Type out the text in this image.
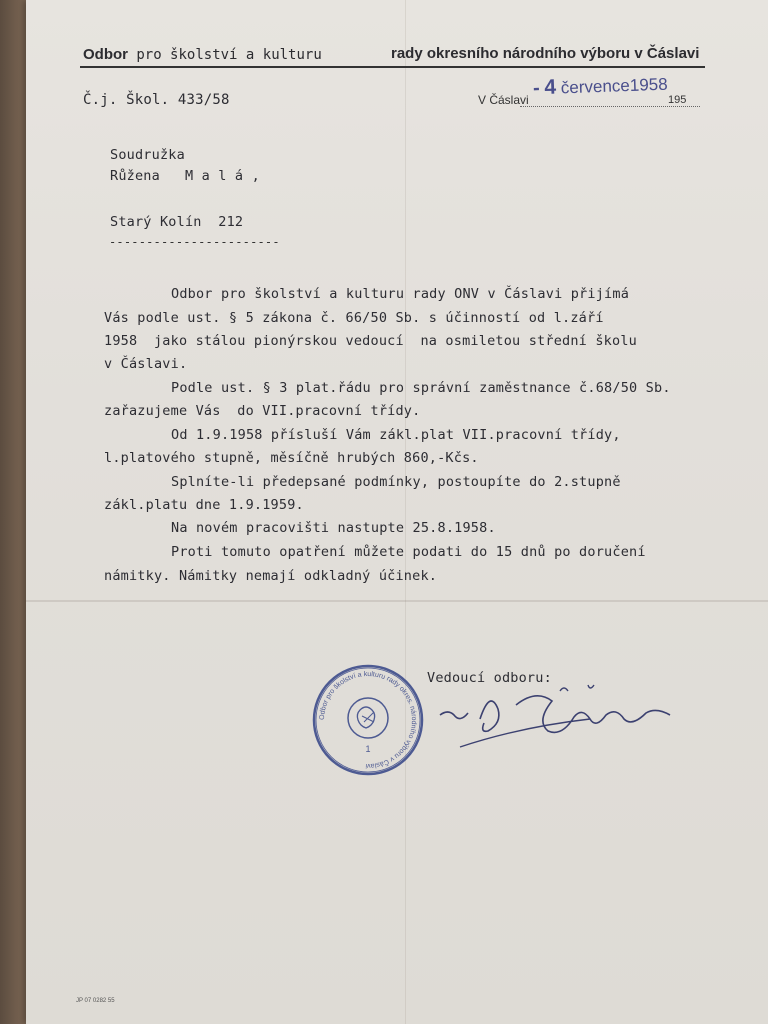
Odbor pro školství a kulturu	rady okresního národního výboru v Čáslavi
Č.j. Škol. 433/58	V Čáslavi	195
- 4 července1958
Soudružka
Růžena   M a l á ,
Starý Kolín  212
-----------------------
Odbor pro školství a kulturu rady ONV v Čáslavi přijímá
Vás podle ust. § 5 zákona č. 66/50 Sb. s účinností od l.září
1958  jako stálou pionýrskou vedoucí  na osmiletou střední školu
v Čáslavi.
Podle ust. § 3 plat.řádu pro správní zaměstnance č.68/50 Sb.
zařazujeme Vás  do VII.pracovní třídy.
Od 1.9.1958 přísluší Vám zákl.plat VII.pracovní třídy,
l.platového stupně, měsíčně hrubých 860,-Kčs.
Splníte-li předepsané podmínky, postoupíte do 2.stupně
zákl.platu dne 1.9.1959.
Na novém pracovišti nastupte 25.8.1958.
Proti tomuto opatření můžete podati do 15 dnů po doručení
námitky. Námitky nemají odkladný účinek.
Vedoucí odboru:
1
Odbor pro školství a kulturu rady okres. národního výboru v Čáslavi
JP 07 0282 55
